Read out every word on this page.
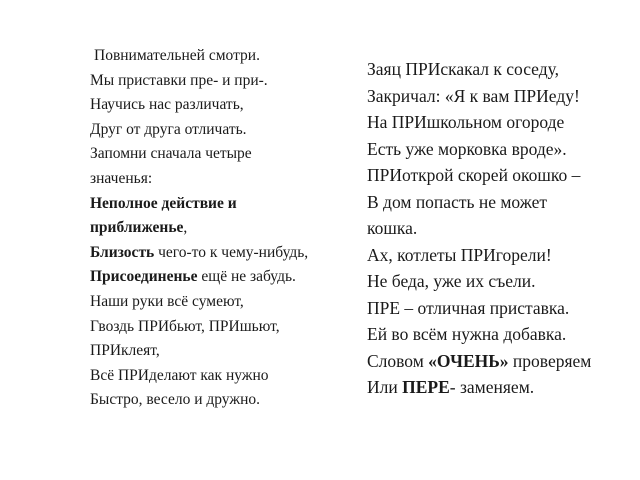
Повнимательней смотри.
Мы приставки пре- и при-.
Научись нас различать,
Друг от друга отличать.
Запомни сначала четыре
значенья:
Неполное действие и
приближенье,
Близость чего-то к чему-нибудь,
Присоединенье ещё не забудь.
Наши руки всё сумеют,
Гвоздь ПРИбьют, ПРИшьют,
ПРИклеят,
Всё ПРИделают как нужно
Быстро, весело и дружно.
Заяц ПРИскакал к соседу,
Закричал: «Я к вам ПРИеду!
На ПРИшкольном огороде
Есть уже морковка вроде».
ПРИоткрой скорей окошко –
В дом попасть не может
кошка.
Ах, котлеты ПРИгорели!
Не беда, уже их съели.
ПРЕ – отличная приставка.
Ей во всём нужна добавка.
Словом «ОЧЕНЬ» проверяем
Или ПЕРЕ- заменяем.
